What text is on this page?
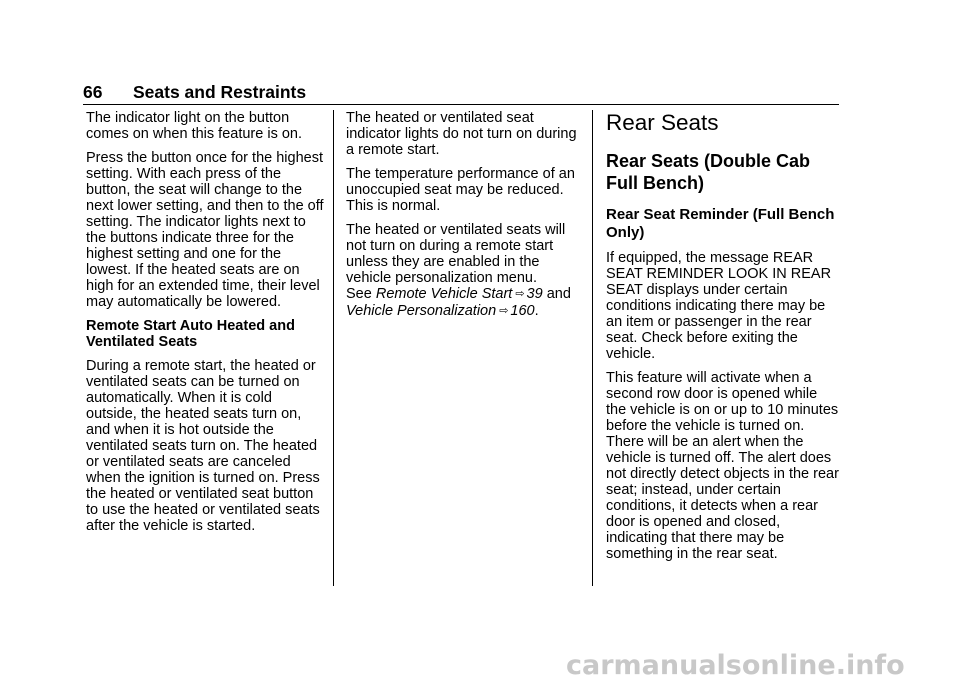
66 Seats and Restraints

The indicator light on the button comes on when this feature is on.

Press the button once for the highest setting. With each press of the button, the seat will change to the next lower setting, and then to the off setting. The indicator lights next to the buttons indicate three for the highest setting and one for the lowest. If the heated seats are on high for an extended time, their level may automatically be lowered.

Remote Start Auto Heated and Ventilated Seats

During a remote start, the heated or ventilated seats can be turned on automatically. When it is cold outside, the heated seats turn on, and when it is hot outside the ventilated seats turn on. The heated or ventilated seats are canceled when the ignition is turned on. Press the heated or ventilated seat button to use the heated or ventilated seats after the vehicle is started.

The heated or ventilated seat indicator lights do not turn on during a remote start.

The temperature performance of an unoccupied seat may be reduced. This is normal.

The heated or ventilated seats will not turn on during a remote start unless they are enabled in the vehicle personalization menu.
See Remote Vehicle Start ⇨ 39 and
Vehicle Personalization ⇨ 160.

Rear Seats
Rear Seats (Double Cab Full Bench)
Rear Seat Reminder (Full Bench Only)

If equipped, the message REAR SEAT REMINDER LOOK IN REAR SEAT displays under certain conditions indicating there may be an item or passenger in the rear seat. Check before exiting the vehicle.

This feature will activate when a second row door is opened while the vehicle is on or up to 10 minutes before the vehicle is turned on. There will be an alert when the vehicle is turned off. The alert does not directly detect objects in the rear seat; instead, under certain conditions, it detects when a rear door is opened and closed, indicating that there may be something in the rear seat.

carmanualsonline.info
